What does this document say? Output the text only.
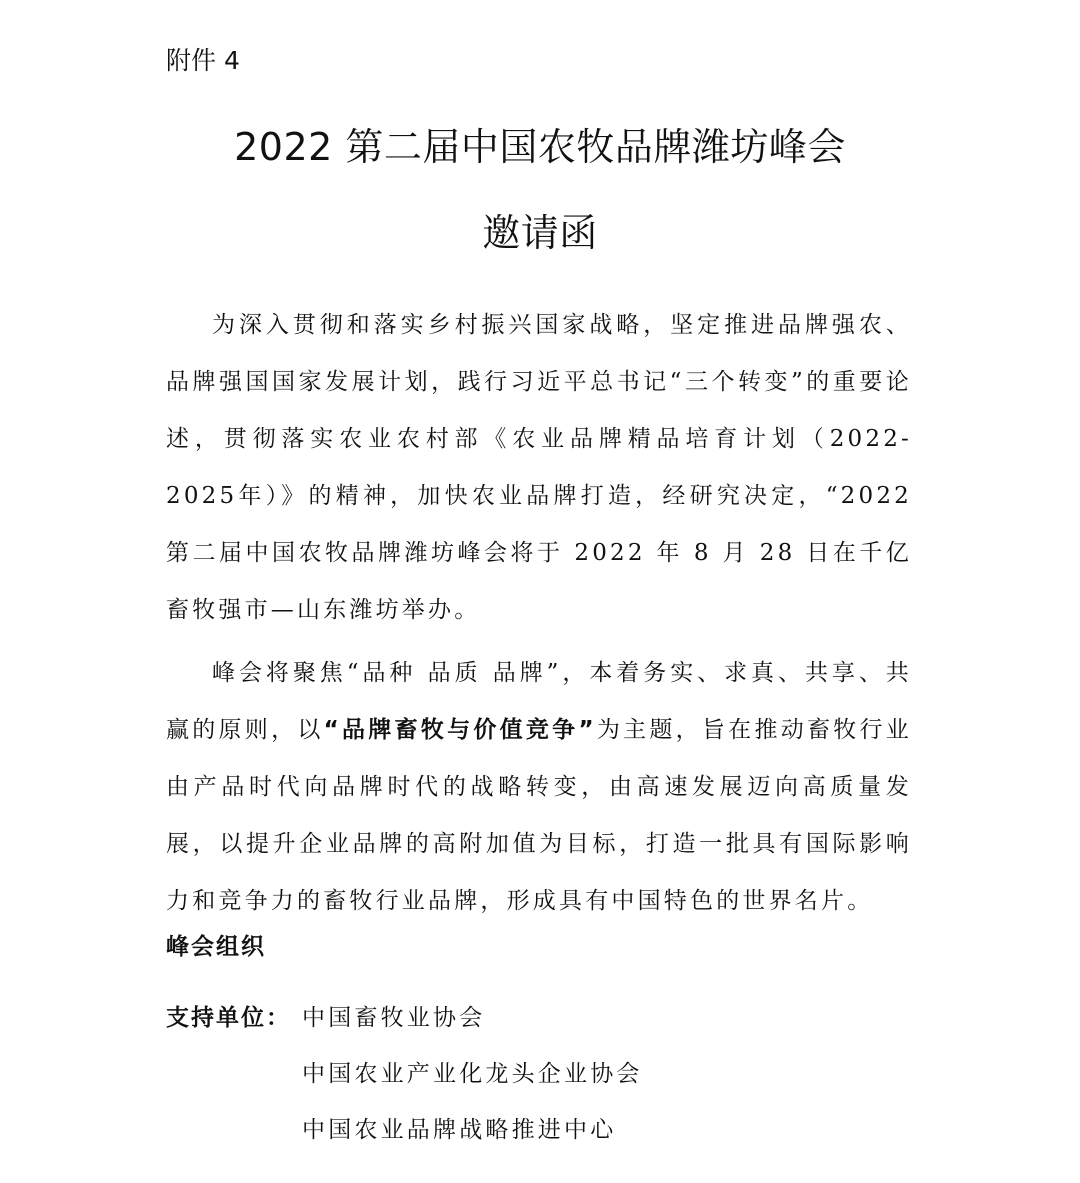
附件 4
2022 第二届中国农牧品牌潍坊峰会
邀请函

为深入贯彻和落实乡村振兴国家战略，坚定推进品牌强农、品牌强国国家发展计划，践行习近平总书记“三个转变”的重要论述，贯彻落实农业农村部《农业品牌精品培育计划（2022-2025年）》的精神，加快农业品牌打造，经研究决定，“2022 第二届中国农牧品牌潍坊峰会将于 2022 年 8 月 28 日在千亿畜牧强市—山东潍坊举办。

峰会将聚焦“品种 品质 品牌”，本着务实、求真、共享、共赢的原则，以“品牌畜牧与价值竞争”为主题，旨在推动畜牧行业由产品时代向品牌时代的战略转变，由高速发展迈向高质量发展，以提升企业品牌的高附加值为目标，打造一批具有国际影响力和竞争力的畜牧行业品牌，形成具有中国特色的世界名片。

峰会组织
支持单位： 中国畜牧业协会
中国农业产业化龙头企业协会
中国农业品牌战略推进中心
